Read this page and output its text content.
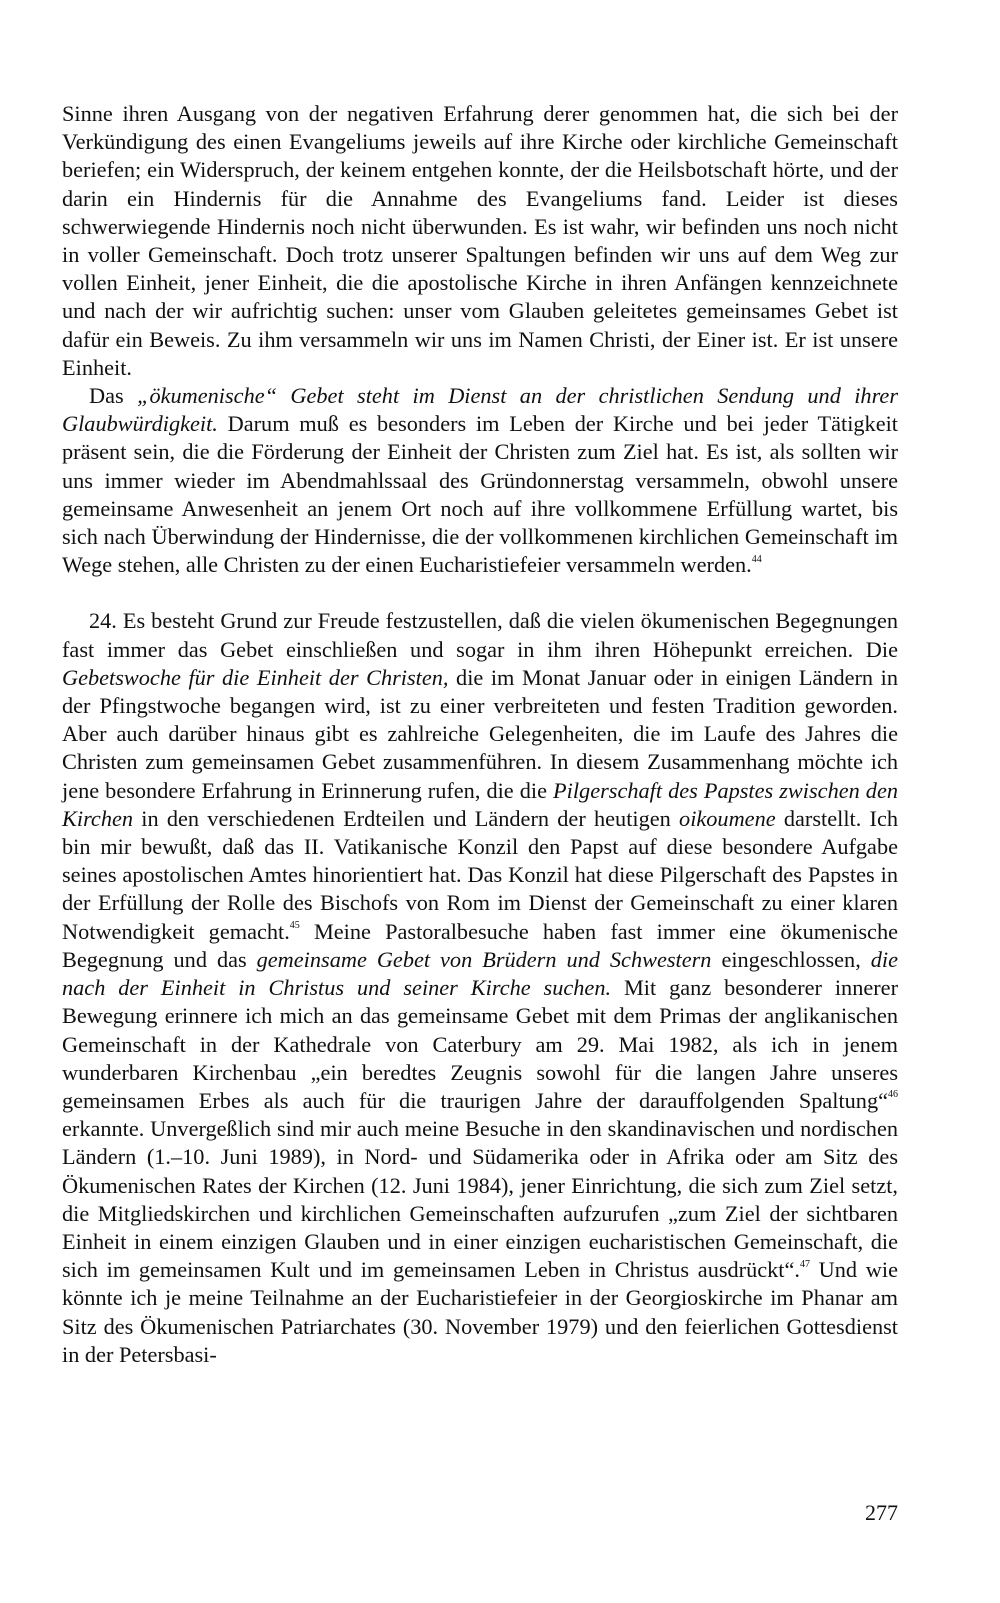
Sinne ihren Ausgang von der negativen Erfahrung derer genommen hat, die sich bei der Verkündigung des einen Evangeliums jeweils auf ihre Kirche oder kirchliche Gemeinschaft beriefen; ein Widerspruch, der keinem entgehen konnte, der die Heilsbotschaft hörte, und der darin ein Hindernis für die Annahme des Evangeliums fand. Leider ist dieses schwerwiegende Hindernis noch nicht überwunden. Es ist wahr, wir befinden uns noch nicht in voller Gemeinschaft. Doch trotz unserer Spaltungen befinden wir uns auf dem Weg zur vollen Einheit, jener Einheit, die die apostolische Kirche in ihren Anfängen kennzeichnete und nach der wir aufrichtig suchen: unser vom Glauben geleitetes gemeinsames Gebet ist dafür ein Beweis. Zu ihm versammeln wir uns im Namen Christi, der Einer ist. Er ist unsere Einheit.

Das „ökumenische“ Gebet steht im Dienst an der christlichen Sendung und ihrer Glaubwürdigkeit. Darum muß es besonders im Leben der Kirche und bei jeder Tätigkeit präsent sein, die die Förderung der Einheit der Christen zum Ziel hat. Es ist, als sollten wir uns immer wieder im Abendmahlssaal des Gründonnerstag versammeln, obwohl unsere gemeinsame Anwesenheit an jenem Ort noch auf ihre vollkommene Erfüllung wartet, bis sich nach Überwindung der Hindernisse, die der vollkommenen kirchlichen Gemeinschaft im Wege stehen, alle Christen zu der einen Eucharistiefeier versammeln werden.$^{44}$

24. Es besteht Grund zur Freude festzustellen, daß die vielen ökumenischen Begegnungen fast immer das Gebet einschließen und sogar in ihm ihren Höhepunkt erreichen. Die Gebetswoche für die Einheit der Christen, die im Monat Januar oder in einigen Ländern in der Pfingstwoche begangen wird, ist zu einer verbreiteten und festen Tradition geworden. Aber auch darüber hinaus gibt es zahlreiche Gelegenheiten, die im Laufe des Jahres die Christen zum gemeinsamen Gebet zusammenführen. In diesem Zusammenhang möchte ich jene besondere Erfahrung in Erinnerung rufen, die die Pilgerschaft des Papstes zwischen den Kirchen in den verschiedenen Erdteilen und Ländern der heutigen oikoumene darstellt. Ich bin mir bewußt, daß das II. Vatikanische Konzil den Papst auf diese besondere Aufgabe seines apostolischen Amtes hinorientiert hat. Das Konzil hat diese Pilgerschaft des Papstes in der Erfüllung der Rolle des Bischofs von Rom im Dienst der Gemeinschaft zu einer klaren Notwendigkeit gemacht.$^{45}$ Meine Pastoralbesuche haben fast immer eine ökumenische Begegnung und das gemeinsame Gebet von Brüdern und Schwestern eingeschlossen, die nach der Einheit in Christus und seiner Kirche suchen. Mit ganz besonderer innerer Bewegung erinnere ich mich an das gemeinsame Gebet mit dem Primas der anglikanischen Gemeinschaft in der Kathedrale von Caterbury am 29. Mai 1982, als ich in jenem wunderbaren Kirchenbau „ein beredtes Zeugnis sowohl für die langen Jahre unseres gemeinsamen Erbes als auch für die traurigen Jahre der darauffolgenden Spaltung“$^{46}$ erkannte. Unvergeßlich sind mir auch meine Besuche in den skandinavischen und nordischen Ländern (1.–10. Juni 1989), in Nord- und Südamerika oder in Afrika oder am Sitz des Ökumenischen Rates der Kirchen (12. Juni 1984), jener Einrichtung, die sich zum Ziel setzt, die Mitgliedskirchen und kirchlichen Gemeinschaften aufzurufen „zum Ziel der sichtbaren Einheit in einem einzigen Glauben und in einer einzigen eucharistischen Gemeinschaft, die sich im gemeinsamen Kult und im gemeinsamen Leben in Christus ausdrückt“.$^{47}$ Und wie könnte ich je meine Teilnahme an der Eucharistiefeier in der Georgioskirche im Phanar am Sitz des Ökumenischen Patriarchates (30. November 1979) und den feierlichen Gottesdienst in der Petersbasi-

277
